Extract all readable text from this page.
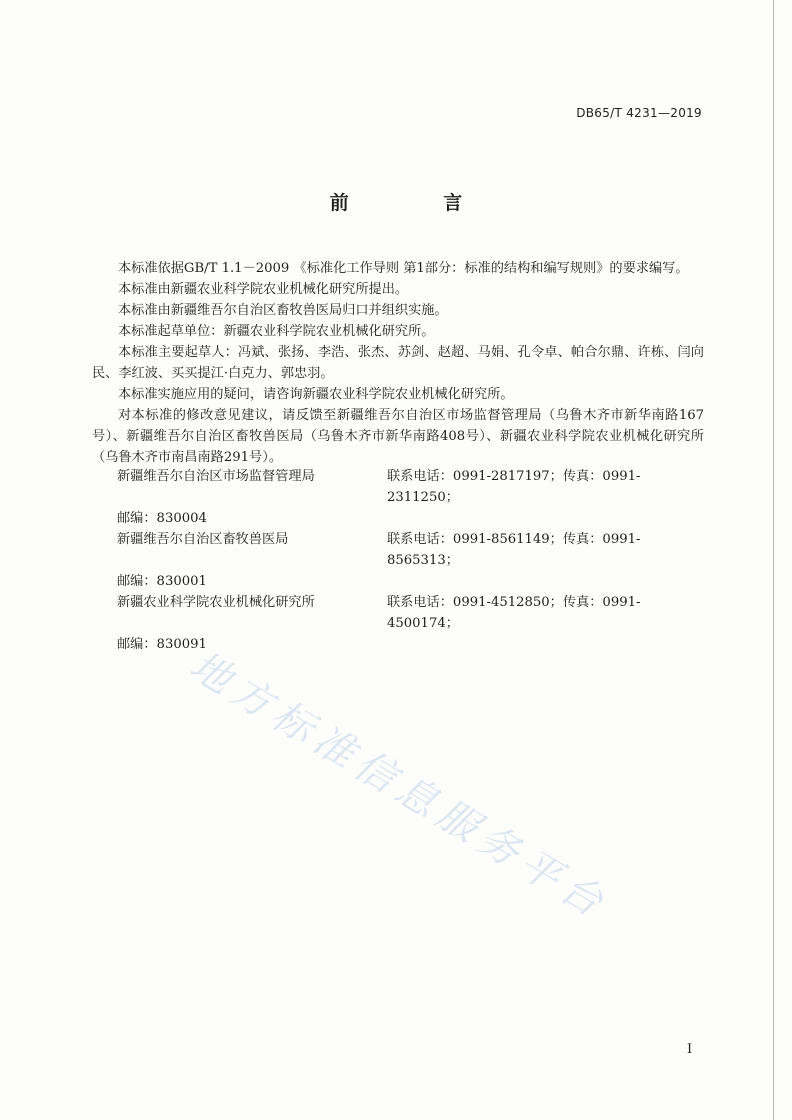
DB65/T 4231—2019
前 言

本标准依据GB/T 1.1－2009 《标准化工作导则 第1部分：标准的结构和编写规则》的要求编写。

本标准由新疆农业科学院农业机械化研究所提出。

本标准由新疆维吾尔自治区畜牧兽医局归口并组织实施。

本标准起草单位：新疆农业科学院农业机械化研究所。

本标准主要起草人：冯斌、张扬、李浩、张杰、苏剑、赵超、马娟、孔令卓、帕合尔鼎、许栋、闫向民、李红波、买买提江·白克力、郭忠羽。

本标准实施应用的疑问，请咨询新疆农业科学院农业机械化研究所。

对本标准的修改意见建议，请反馈至新疆维吾尔自治区市场监督管理局（乌鲁木齐市新华南路167号）、新疆维吾尔自治区畜牧兽医局（乌鲁木齐市新华南路408号）、新疆农业科学院农业机械化研究所（乌鲁木齐市南昌南路291号）。

新疆维吾尔自治区市场监督管理局	联系电话：0991-2817197；传真：0991-2311250；
邮编：830004
新疆维吾尔自治区畜牧兽医局	联系电话：0991-8561149；传真：0991-8565313；
邮编：830001
新疆农业科学院农业机械化研究所	联系电话：0991-4512850；传真：0991-4500174；
邮编：830091
地方标准信息服务平台
I
